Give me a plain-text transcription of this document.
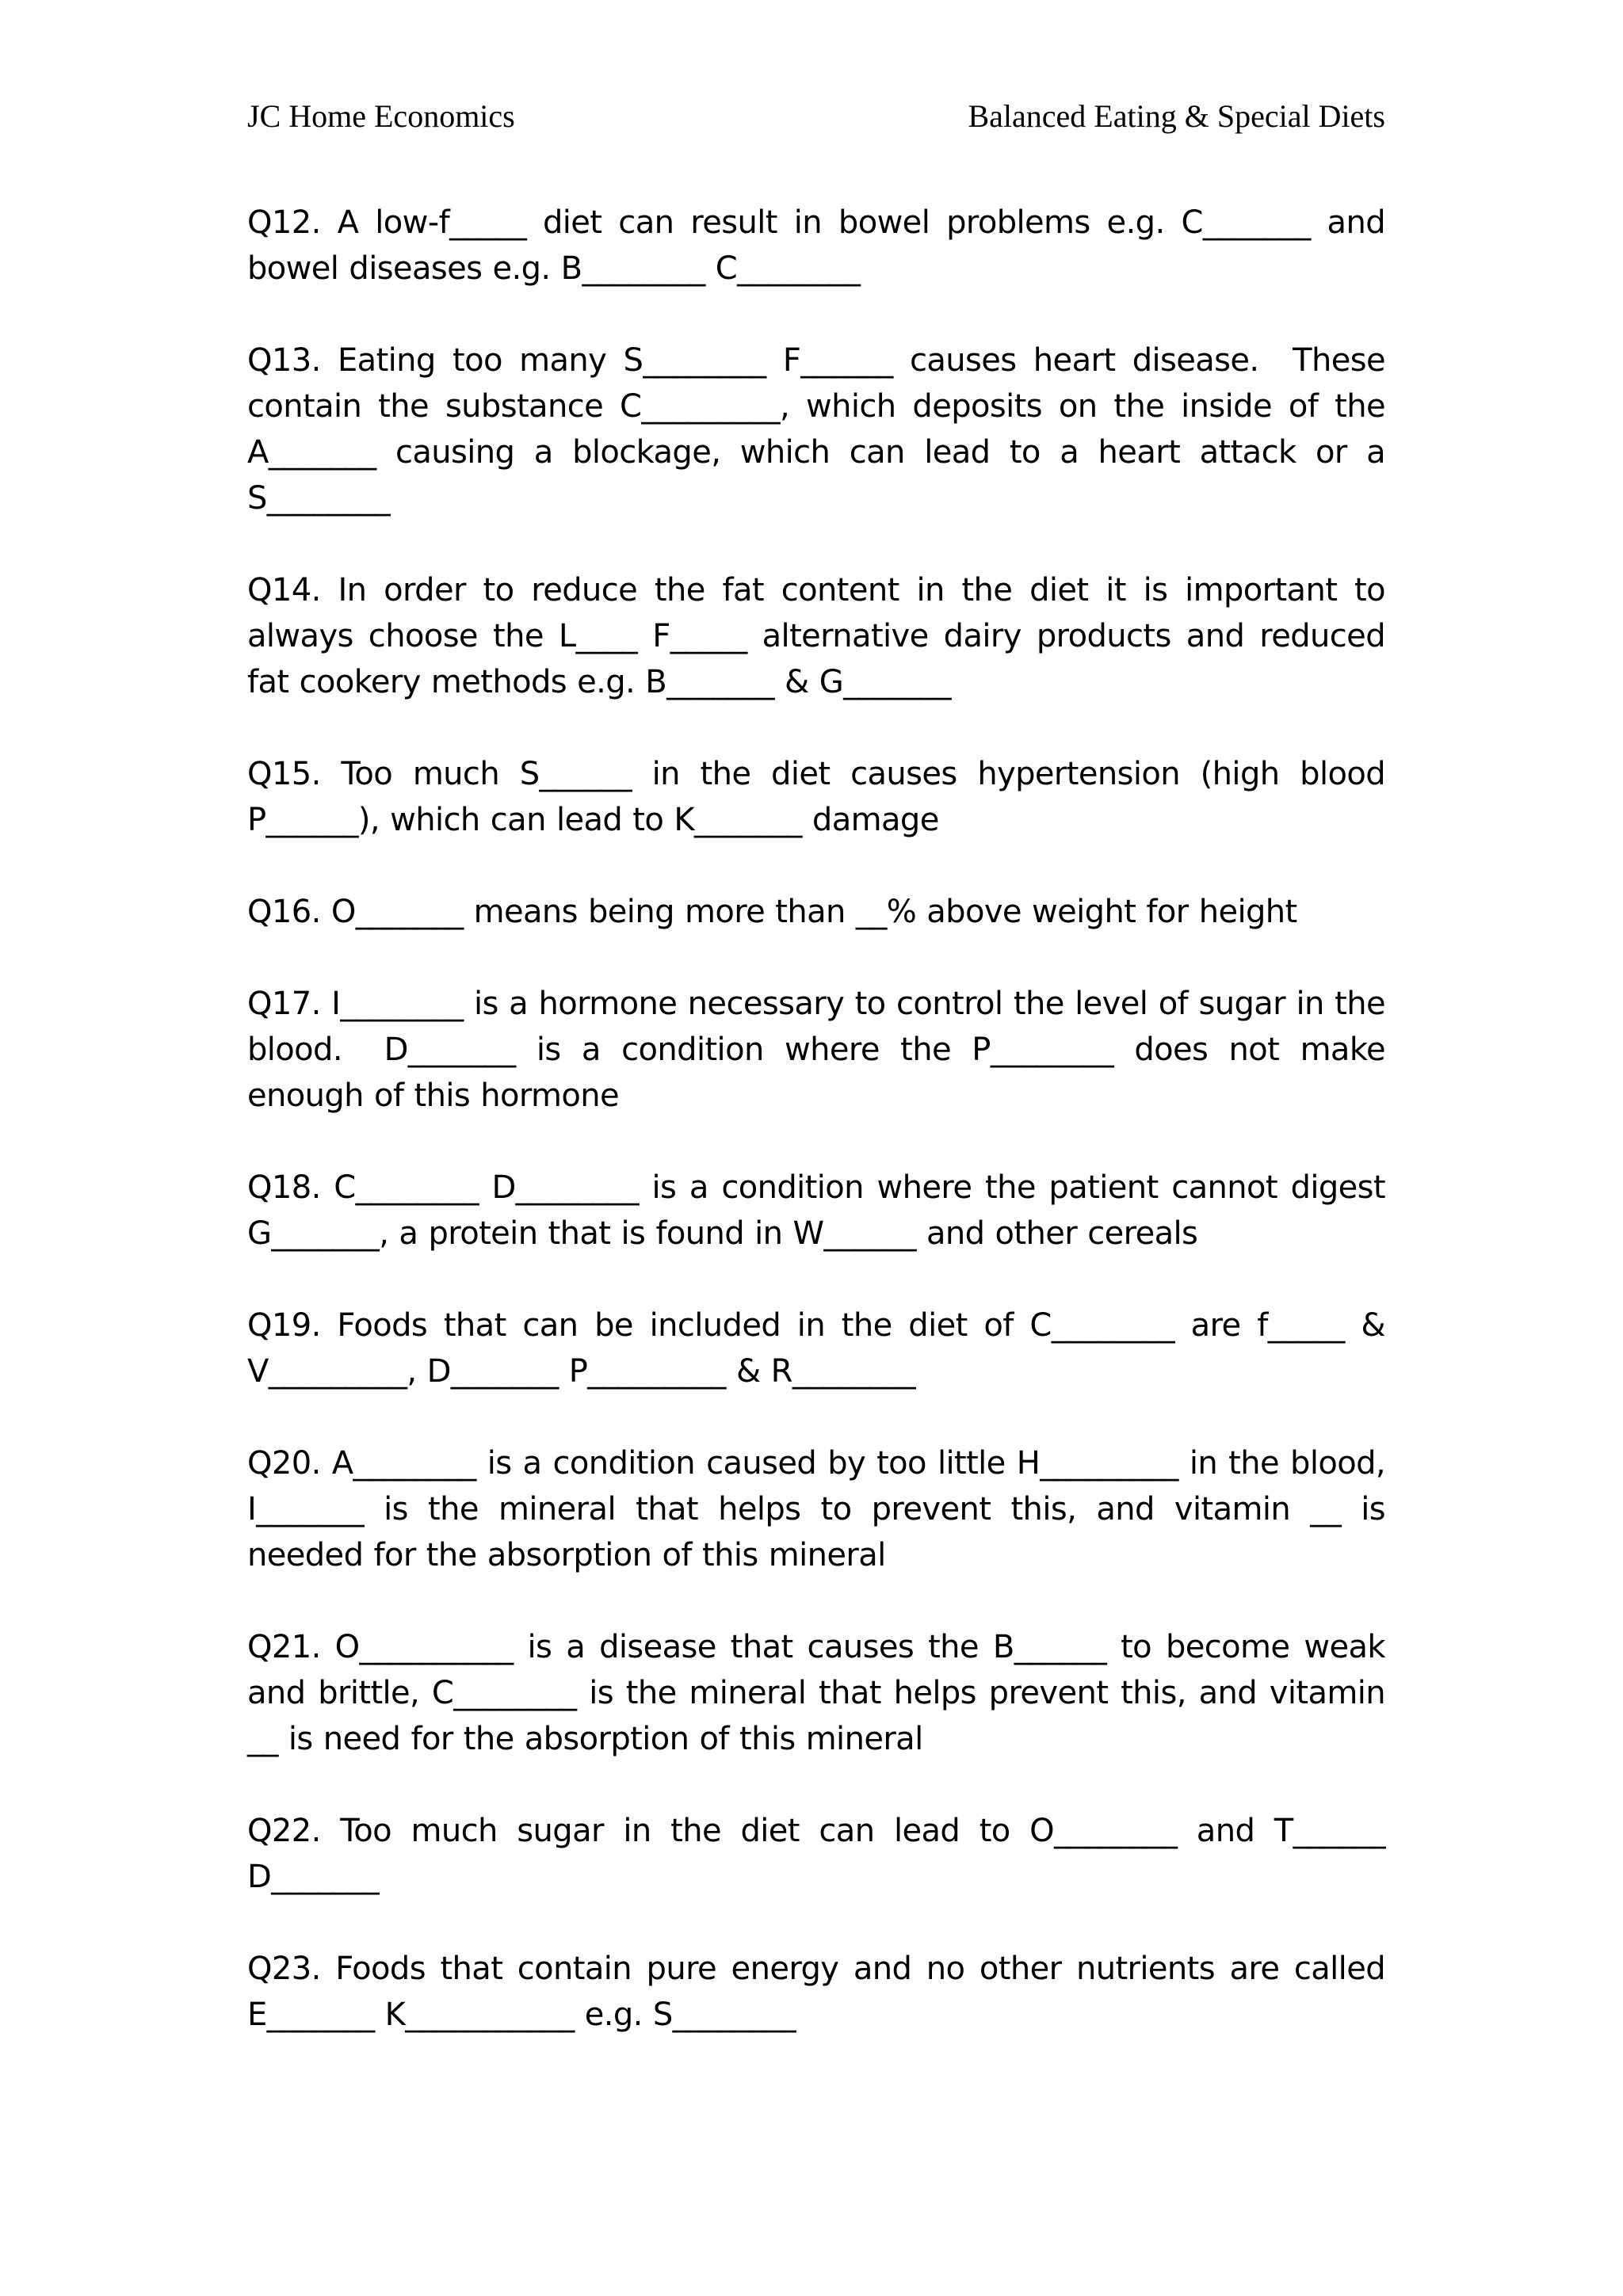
JC Home Economics	Balanced Eating & Special Diets

Q12. A low-f_____ diet can result in bowel problems e.g. C_______ and bowel diseases e.g. B________ C________

Q13. Eating too many S________ F______ causes heart disease.  These contain the substance C_________, which deposits on the inside of the A_______ causing a blockage, which can lead to a heart attack or a S________

Q14. In order to reduce the fat content in the diet it is important to always choose the L____ F_____ alternative dairy products and reduced fat cookery methods e.g. B_______ & G_______

Q15. Too much S______ in the diet causes hypertension (high blood P______), which can lead to K_______ damage

Q16. O_______ means being more than __% above weight for height

Q17. I________ is a hormone necessary to control the level of sugar in the blood.  D_______ is a condition where the P________ does not make enough of this hormone

Q18. C________ D________ is a condition where the patient cannot digest G_______, a protein that is found in W______ and other cereals

Q19. Foods that can be included in the diet of C________ are f_____ & V_________, D_______ P_________ & R________

Q20. A________ is a condition caused by too little H_________ in the blood, I_______ is the mineral that helps to prevent this, and vitamin __ is needed for the absorption of this mineral

Q21. O__________ is a disease that causes the B______ to become weak and brittle, C________ is the mineral that helps prevent this, and vitamin __ is need for the absorption of this mineral

Q22. Too much sugar in the diet can lead to O________ and T______ D_______

Q23. Foods that contain pure energy and no other nutrients are called E_______ K___________ e.g. S________
